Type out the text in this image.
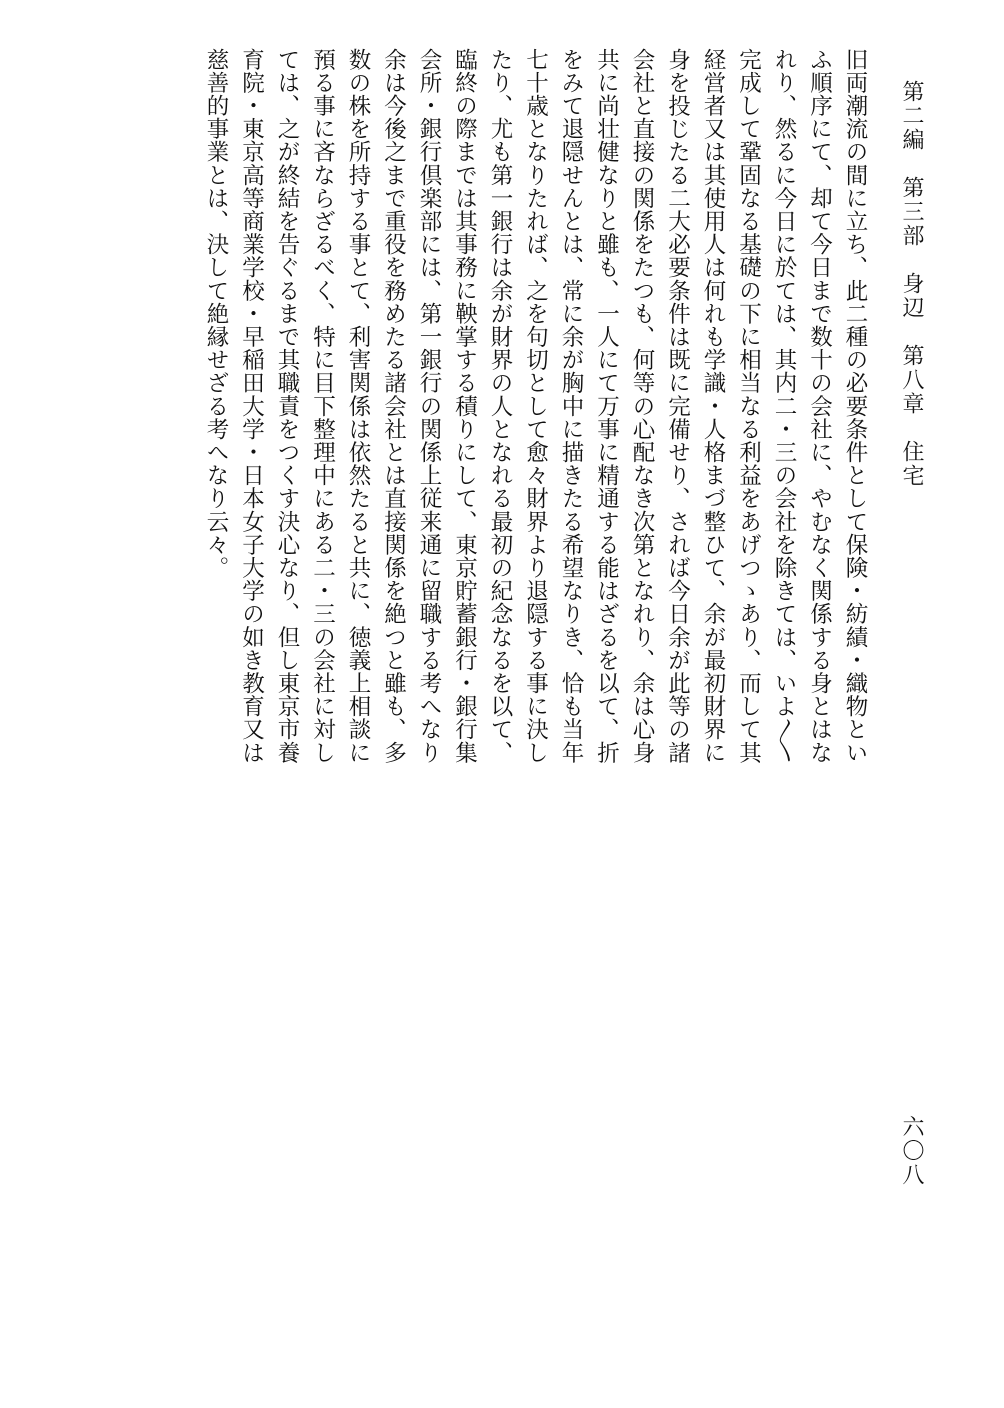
第二編　第三部　身辺　第八章　住宅
旧両潮流の間に立ち、此二種の必要条件として保険・紡績・織物とい
ふ順序にて、却て今日まで数十の会社に、やむなく関係する身とはな
れり、然るに今日に於ては、其内二・三の会社を除きては、いよ〱
完成して鞏固なる基礎の下に相当なる利益をあげつゝあり、而して其
経営者又は其使用人は何れも学識・人格まづ整ひて、余が最初財界に
身を投じたる二大必要条件は既に完備せり、されば今日余が此等の諸
会社と直接の関係をたつも、何等の心配なき次第となれり、余は心身
共に尚壮健なりと雖も、一人にて万事に精通する能はざるを以て、折
をみて退隠せんとは、常に余が胸中に描きたる希望なりき、恰も当年
七十歳となりたれば、之を句切として愈々財界より退隠する事に決し
たり、尤も第一銀行は余が財界の人となれる最初の紀念なるを以て、
臨終の際までは其事務に鞅掌する積りにして、東京貯蓄銀行・銀行集
会所・銀行倶楽部には、第一銀行の関係上従来通に留職する考へなり
余は今後之まで重役を務めたる諸会社とは直接関係を絶つと雖も、多
数の株を所持する事とて、利害関係は依然たると共に、徳義上相談に
預る事に吝ならざるべく、特に目下整理中にある二・三の会社に対し
ては、之が終結を告ぐるまで其職責をつくす決心なり、但し東京市養
育院・東京高等商業学校・早稲田大学・日本女子大学の如き教育又は
慈善的事業とは、決して絶縁せざる考へなり云々。
六〇八
